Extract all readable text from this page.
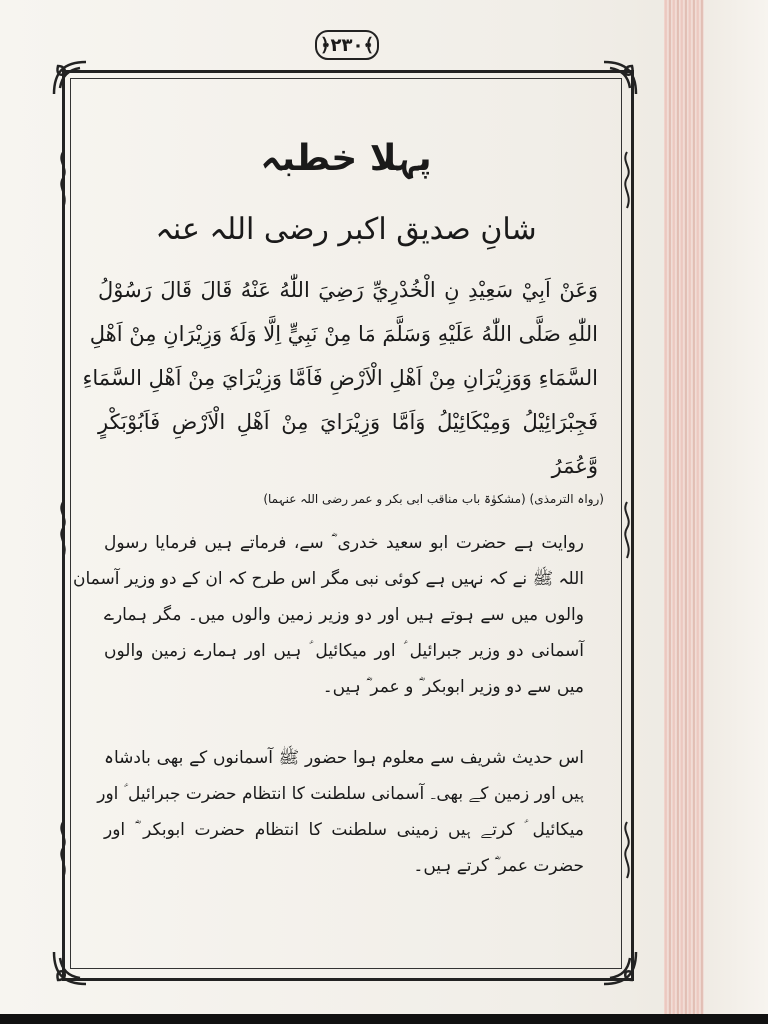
﴿٢٣٠﴾
پہلا خطبہ
شانِ صدیق اکبر رضی اللہ عنہ
وَعَنْ اَبِيْ سَعِيْدِ نِ الْخُدْرِيِّ رَضِيَ اللّٰهُ عَنْهُ قَالَ قَالَ رَسُوْلُ
اللّٰهِ صَلَّى اللّٰهُ عَلَيْهِ وَسَلَّمَ مَا مِنْ نَبِيٍّ اِلَّا وَلَهٗ وَزِيْرَانِ مِنْ اَهْلِ
السَّمَاءِ وَوَزِيْرَانِ مِنْ اَهْلِ الْاَرْضِ فَاَمَّا وَزِيْرَايَ مِنْ اَهْلِ السَّمَاءِ
فَجِبْرَائِيْلُ وَمِيْكَائِيْلُ وَاَمَّا وَزِيْرَايَ مِنْ اَهْلِ الْاَرْضِ فَاَبُوْبَكْرٍ
وَّعُمَرُ
(رواہ الترمذی) (مشکوٰۃ باب مناقب ابی بکر و عمر رضی اللہ عنہما)
روایت ہے حضرت ابو سعید خدری ؓ سے، فرماتے ہیں فرمایا رسول
اللہ ﷺ نے کہ نہیں ہے کوئی نبی مگر اس طرح کہ ان کے دو وزیر آسمان
والوں میں سے ہوتے ہیں اور دو وزیر زمین والوں میں۔ مگر ہمارے
آسمانی دو وزیر جبرائیل ؑ اور میکائیل ؑ ہیں اور ہمارے زمین والوں
میں سے دو وزیر ابوبکر ؓ و عمر ؓ ہیں۔
اس حدیث شریف سے معلوم ہوا حضور ﷺ آسمانوں کے بھی بادشاہ
ہیں اور زمین کے بھی۔ آسمانی سلطنت کا انتظام حضرت جبرائیل ؑ اور
میکائیل ؑ کرتے ہیں زمینی سلطنت کا انتظام حضرت ابوبکر ؓ اور
حضرت عمر ؓ کرتے ہیں۔
